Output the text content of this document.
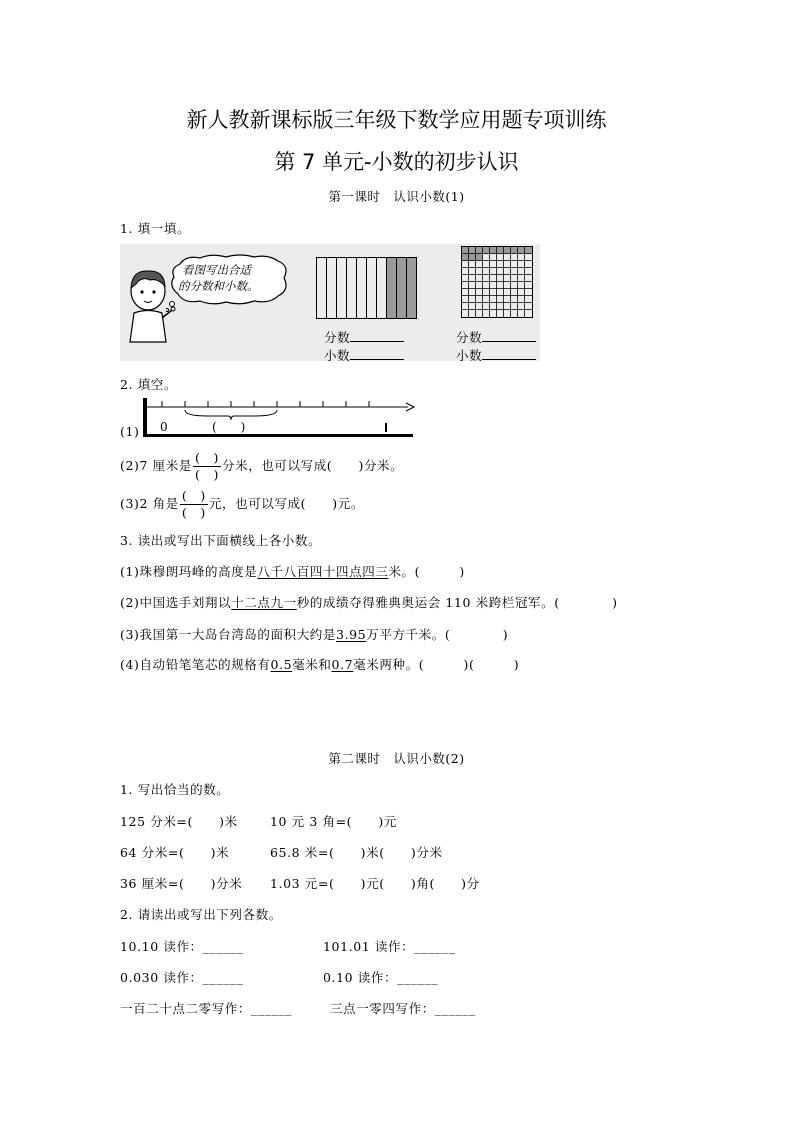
新人教新课标版三年级下数学应用题专项训练
第 7 单元-小数的初步认识
第一课时　认识小数(1)
1. 填一填。
看图写出合适
的分数和小数。
分数
小数
分数
小数
2. 填空。
(1) 0	(　　)
(2)7 厘米是 $\frac{( )}{( )}$ 分米，也可以写成(　　)分米。
(3)2 角是 $\frac{( )}{( )}$ 元，也可以写成(　　)元。
3. 读出或写出下面横线上各小数。
(1)珠穆朗玛峰的高度是八千八百四十四点四三米。(　　　)
(2)中国选手刘翔以十二点九一秒的成绩夺得雅典奥运会 110 米跨栏冠军。(　　　　)
(3)我国第一大岛台湾岛的面积大约是3.95万平方千米。(　　　　)
(4)自动铅笔笔芯的规格有0.5毫米和0.7毫米两种。(　　　)(　　　)
第二课时　认识小数(2)
1. 写出恰当的数。
125 分米=(　　)米	10 元 3 角=(　　)元
64 分米=(　　)米	65.8 米=(　　)米(　　)分米
36 厘米=(　　)分米 1.03 元=(　　)元(　　)角(　　)分
2. 请读出或写出下列各数。
10.10 读作：______	101.01 读作：______
0.030 读作：______	0.10 读作：______
一百二十点二零写作：______	三点一零四写作：______
